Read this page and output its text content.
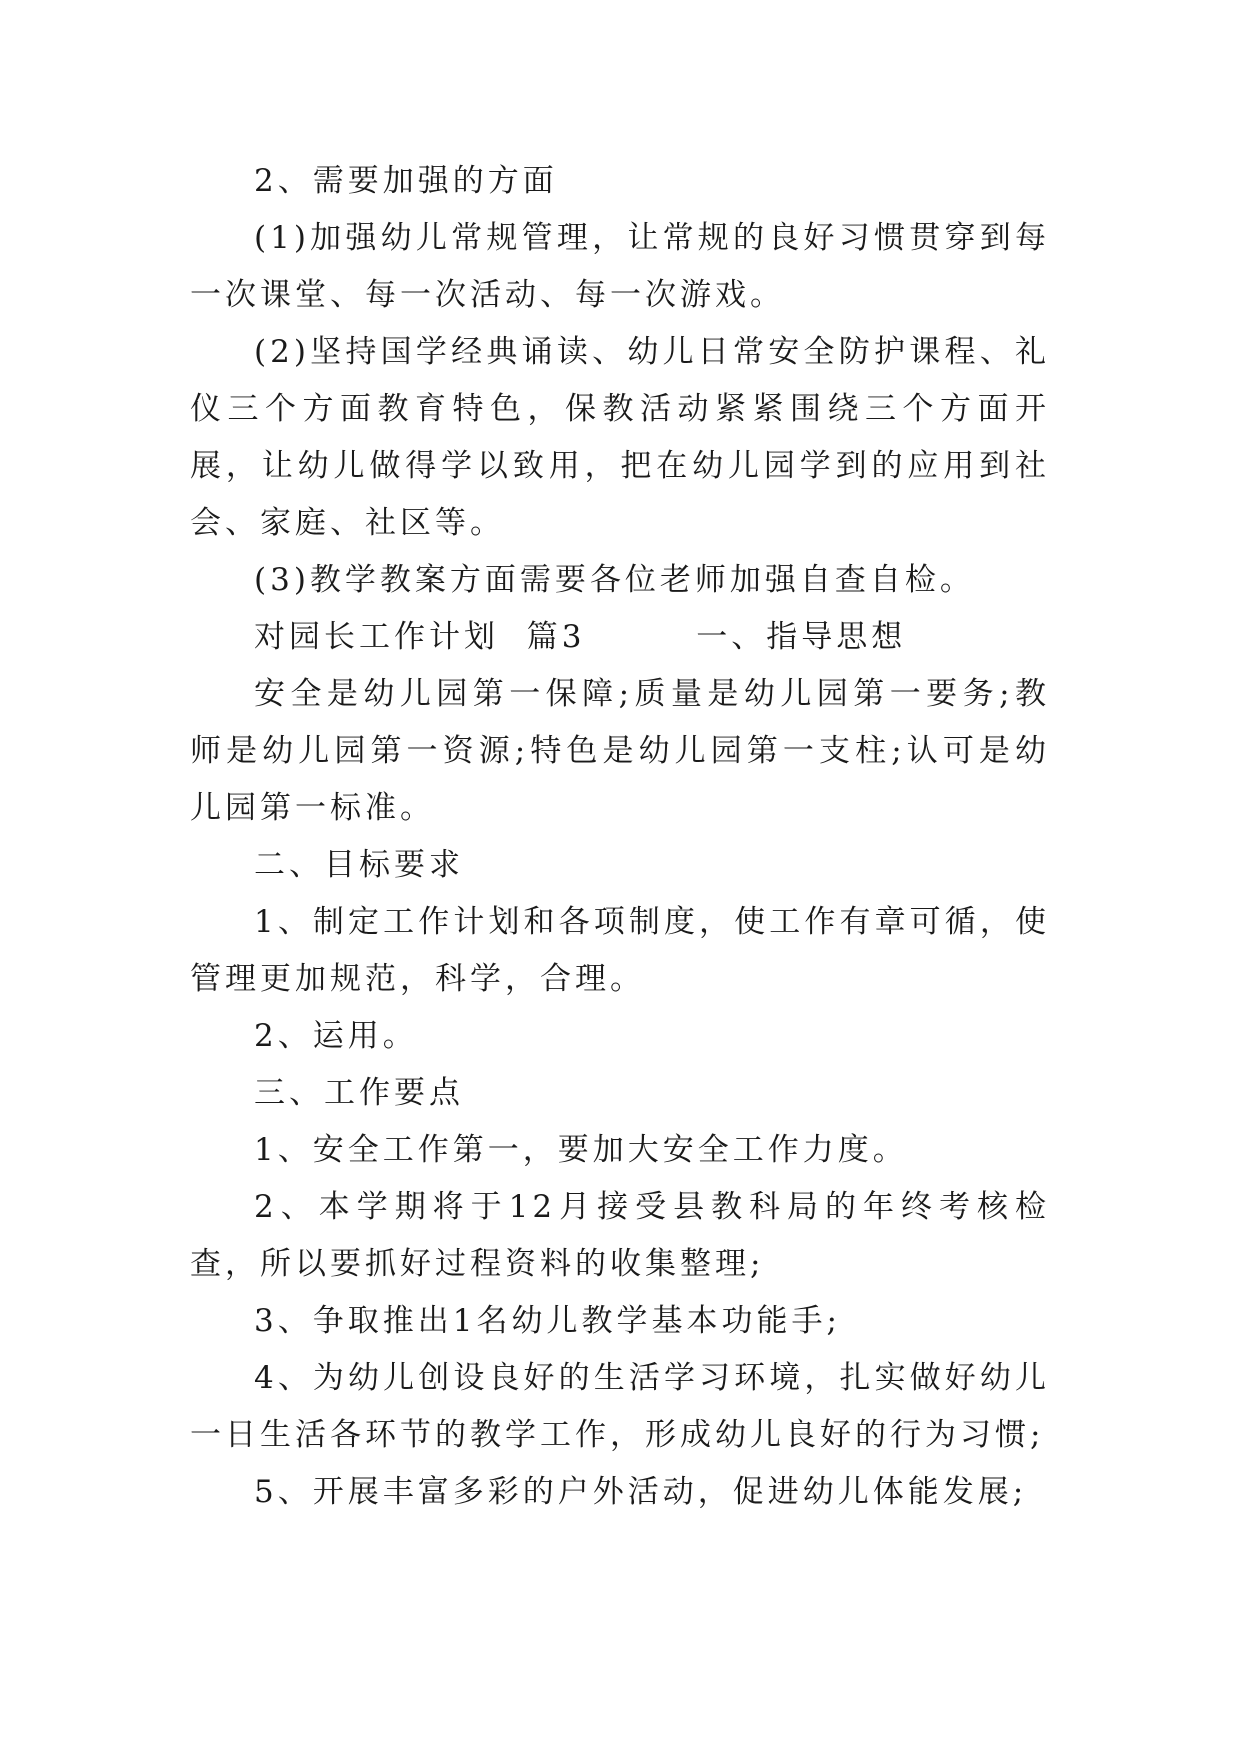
2、需要加强的方面

(1)加强幼儿常规管理，让常规的良好习惯贯穿到每一次课堂、每一次活动、每一次游戏。

(2)坚持国学经典诵读、幼儿日常安全防护课程、礼仪三个方面教育特色，保教活动紧紧围绕三个方面开展，让幼儿做得学以致用，把在幼儿园学到的应用到社会、家庭、社区等。

(3)教学教案方面需要各位老师加强自查自检。

对园长工作计划  篇3        一、指导思想

安全是幼儿园第一保障;质量是幼儿园第一要务;教师是幼儿园第一资源;特色是幼儿园第一支柱;认可是幼儿园第一标准。

二、目标要求

1、制定工作计划和各项制度，使工作有章可循，使管理更加规范，科学，合理。

2、运用。

三、工作要点

1、安全工作第一，要加大安全工作力度。

2、本学期将于12月接受县教科局的年终考核检查，所以要抓好过程资料的收集整理;

3、争取推出1名幼儿教学基本功能手;

4、为幼儿创设良好的生活学习环境，扎实做好幼儿一日生活各环节的教学工作，形成幼儿良好的行为习惯;

5、开展丰富多彩的户外活动，促进幼儿体能发展;
